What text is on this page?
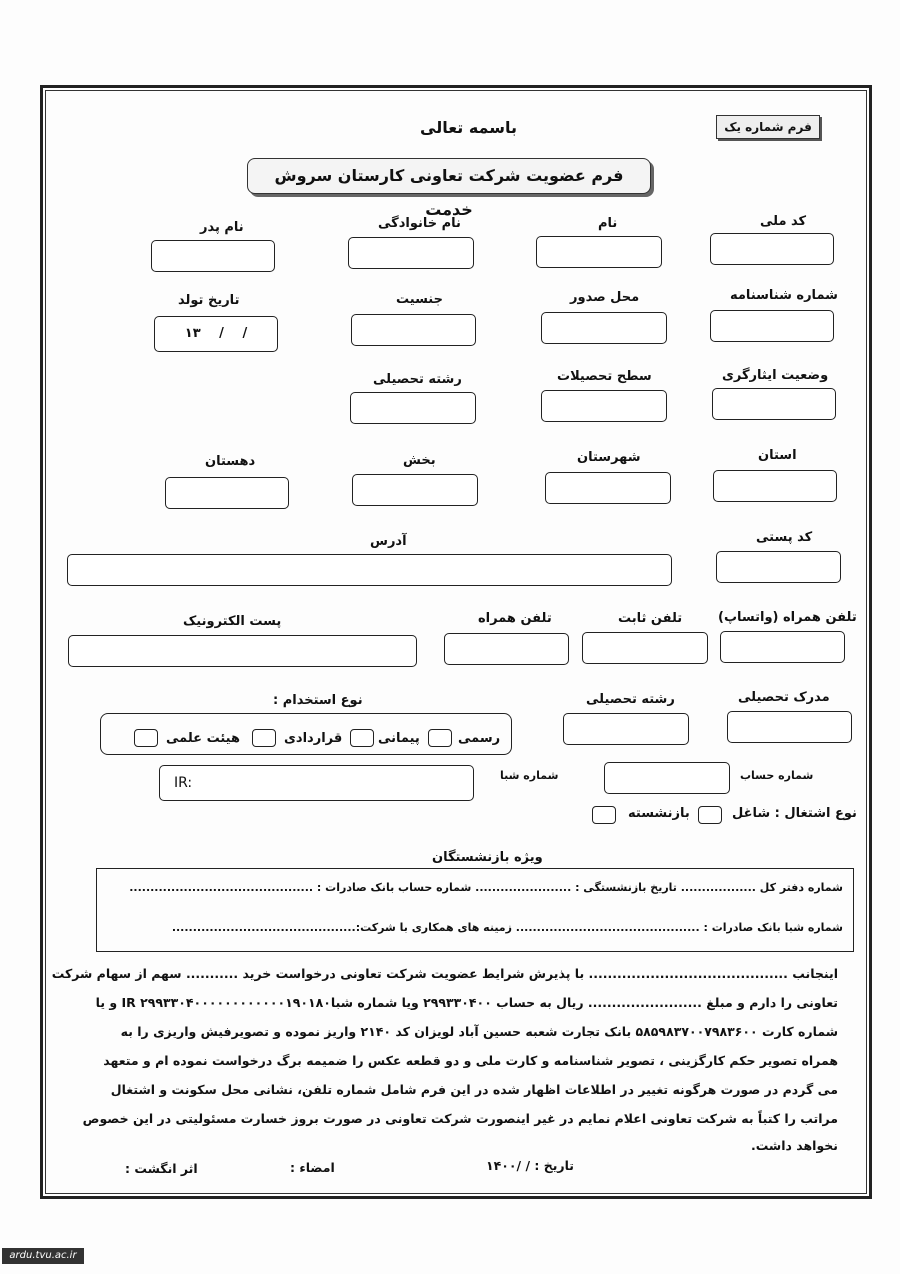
باسمه تعالی	فرم شماره یک
فرم عضویت شرکت تعاونی کارستان سروش خدمت
کد ملی
نام
نام خانوادگی
نام پدر
شماره شناسنامه
محل صدور
جنسیت
تاریخ تولد
/ / ۱۳
وضعیت ایثارگری
سطح تحصیلات
رشته تحصیلی
استان
شهرستان
بخش
دهستان
کد پستی
آدرس
تلفن همراه (واتساپ)
تلفن ثابت
تلفن همراه
پست الکترونیک
مدرک تحصیلی
رشته تحصیلی
نوع استخدام :
رسمی
پیمانی
قراردادی
هیئت علمی
شماره حساب
شماره شبا
IR:
نوع اشتغال : شاغل
بازنشسته
ویژه بازنشستگان
شماره دفتر کل .................. تاریخ بازنشستگی : ....................... شماره حساب بانک صادرات : ............................................
شماره شبا بانک صادرات : ............................................ زمینه های همکاری با شرکت:............................................
اینجانب .......................................... با پذیرش شرایط عضویت شرکت تعاونی درخواست خرید ........... سهم از سهام شرکت
تعاونی را دارم و مبلغ ........................ ریال به حساب ۲۹۹۳۳۰۴۰۰ ویا شماره شبا۲۹۹۳۳۰۴۰۰۰۰۰۰۰۰۰۰۰۰۱۹۰۱۸۰ IR و یا
شماره کارت ۵۸۵۹۸۳۷۰۰۷۹۸۳۶۰۰ بانک تجارت شعبه حسین آباد لویزان کد ۲۱۴۰ واریز نموده و تصویرفیش واریزی را به
همراه تصویر حکم کارگزینی ، تصویر شناسنامه و کارت ملی و دو قطعه عکس را ضمیمه برگ درخواست نموده ام و متعهد
می گردم در صورت هرگونه تغییر در اطلاعات اظهار شده در این فرم شامل شماره تلفن، نشانی محل سکونت و اشتغال
مراتب را کتباً به شرکت تعاونی اعلام نمایم در غیر اینصورت شرکت تعاونی در صورت بروز خسارت مسئولیتی در این خصوص
نخواهد داشت.
تاریخ : / /۱۴۰۰
امضاء :
اثر انگشت :
ardu.tvu.ac.ir
